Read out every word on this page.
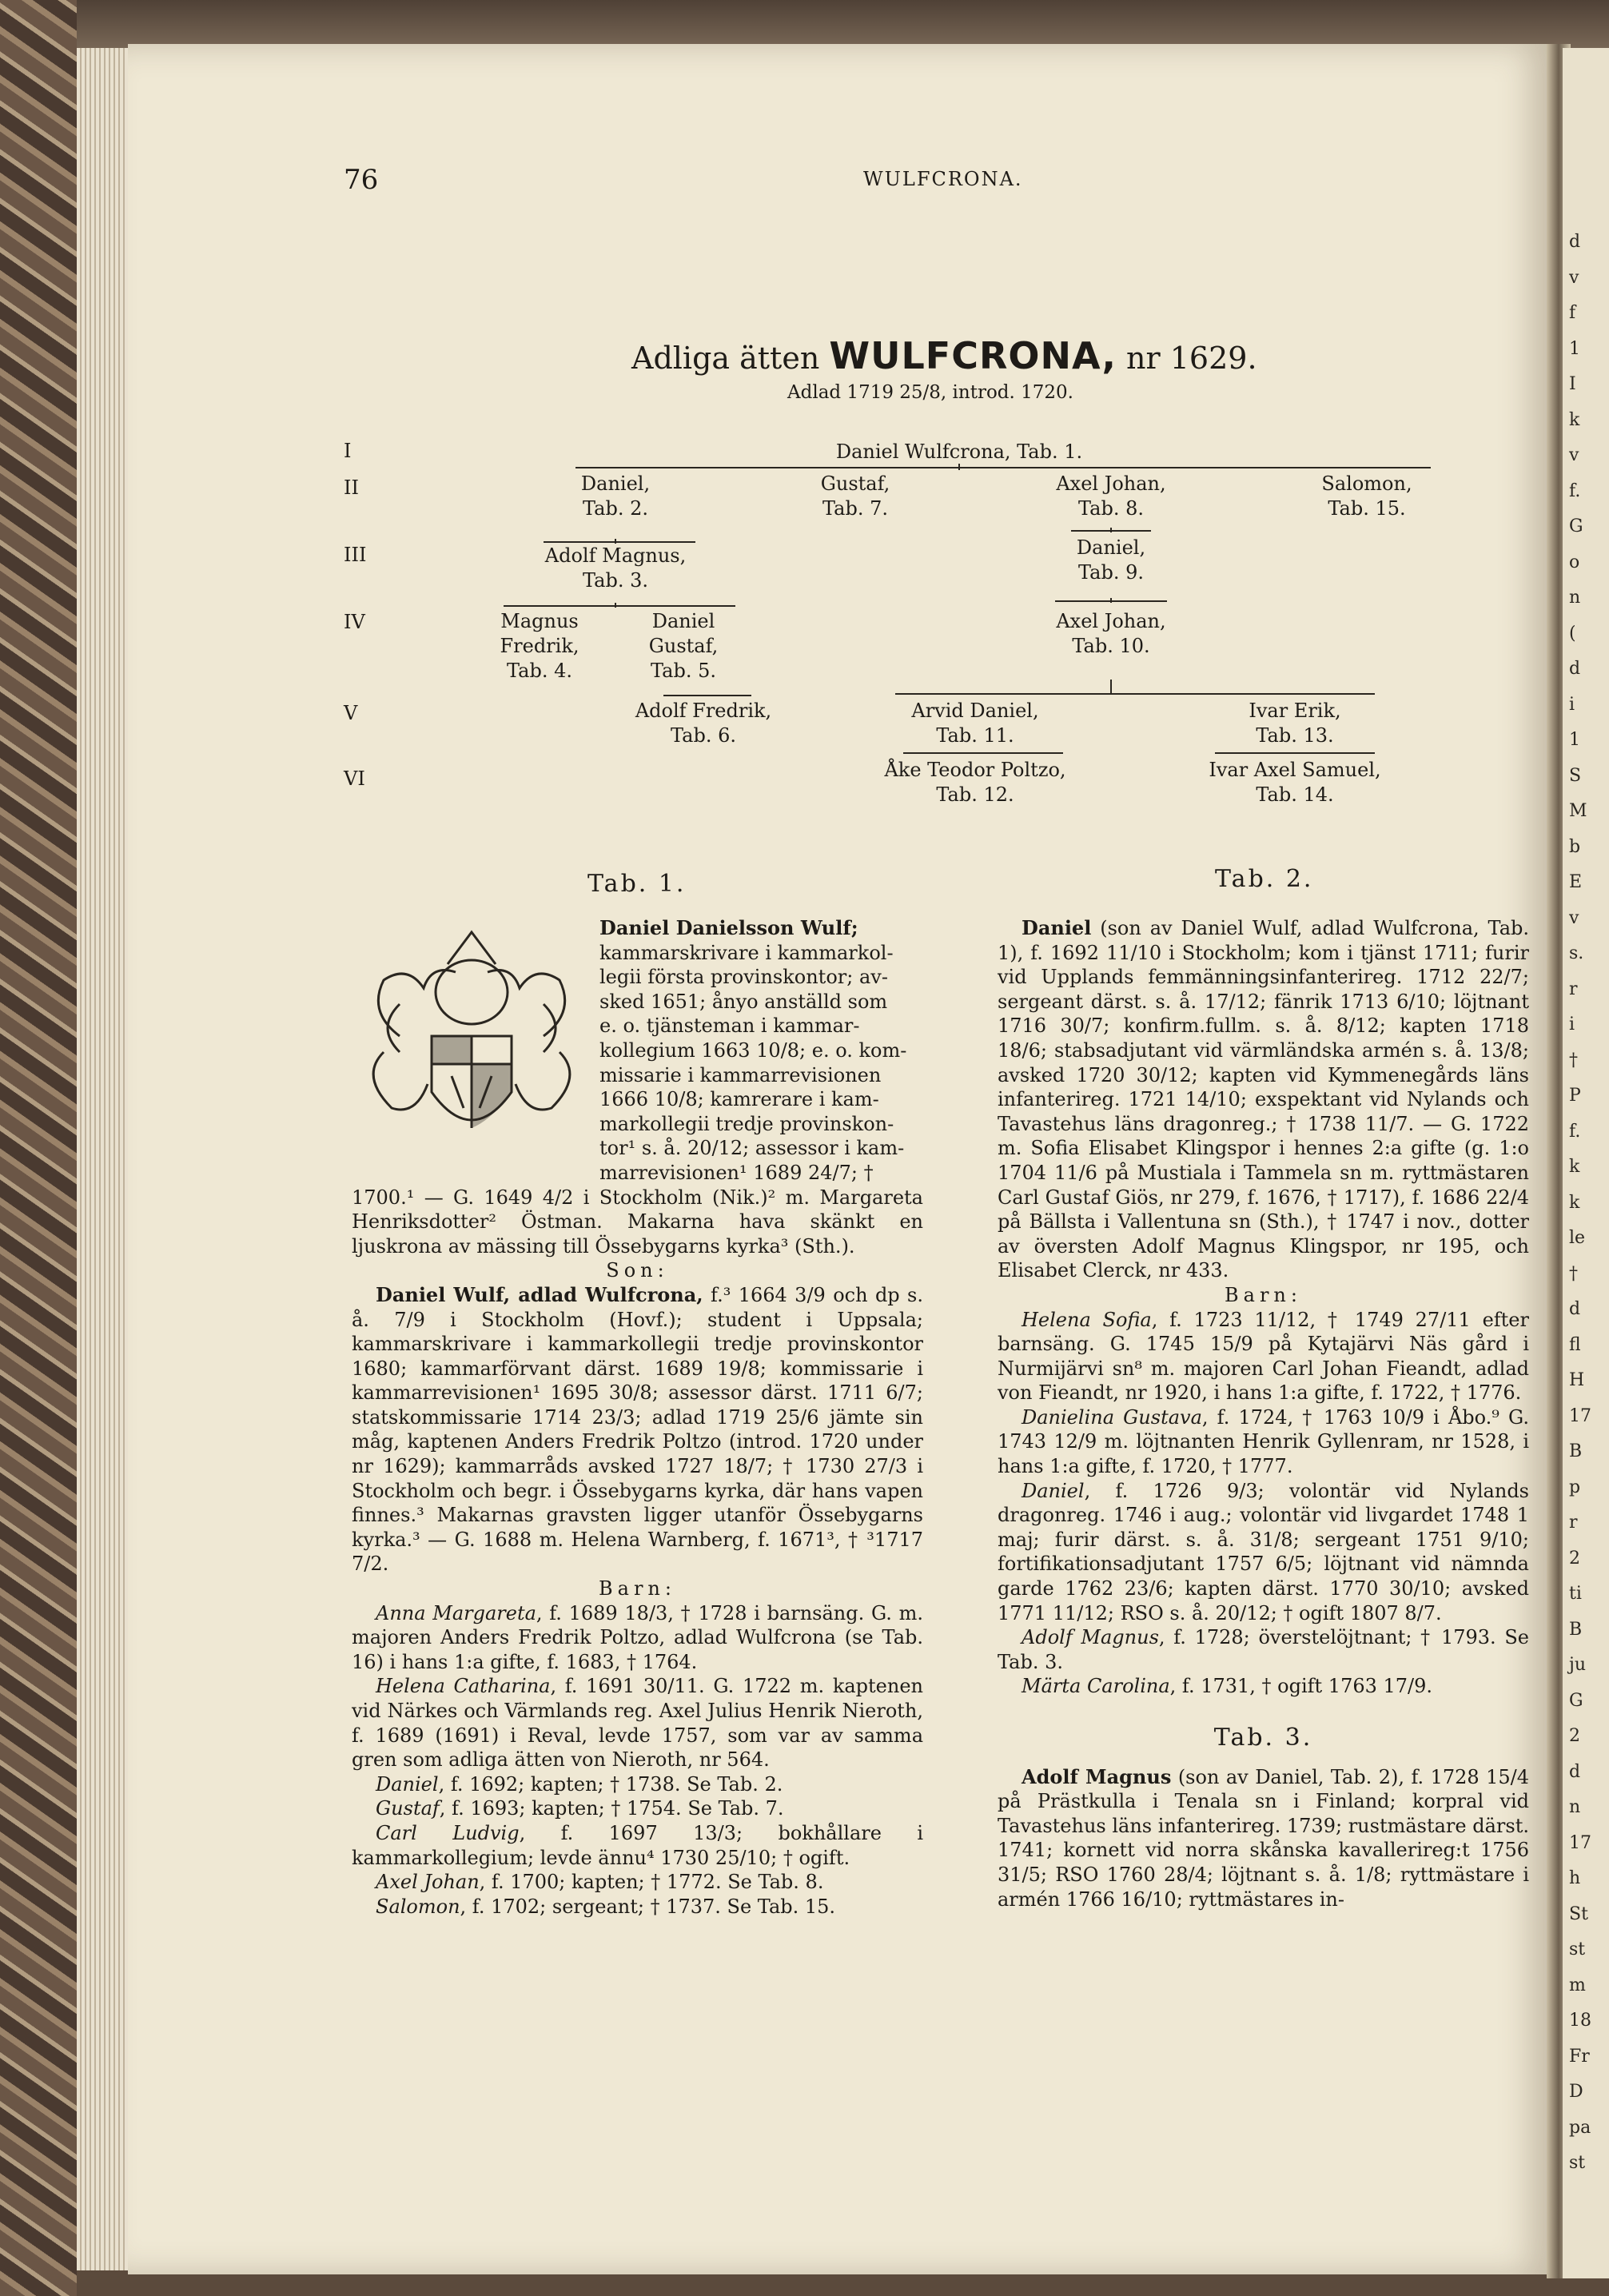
d
v
f
1
I
k
v
f.
G
o
n
(
d
i
1
S
M
b
E
v
s.
r
i
†
P
f.
k
k
le
†
d
fl
H
17
B
p
r
2
ti
B
ju
G
2
d
n
17
h
St
st
m
18
Fr
D
pa
st
76	WULFCRONA.
Adliga ätten WULFCRONA, nr 1629.
Adlad 1719 25/8, introd. 1720.
I
II
III
IV
V
VI
Daniel Wulfcrona, Tab. 1.
Daniel,
Tab. 2.
Gustaf,
Tab. 7.
Axel Johan,
Tab. 8.
Salomon,
Tab. 15.
Adolf Magnus,
Tab. 3.
Daniel,
Tab. 9.
Magnus
Fredrik,
Tab. 4.
Daniel
Gustaf,
Tab. 5.
Axel Johan,
Tab. 10.
Adolf Fredrik,
Tab. 6.
Arvid Daniel,
Tab. 11.
Ivar Erik,
Tab. 13.
Åke Teodor Poltzo,
Tab. 12.
Ivar Axel Samuel,
Tab. 14.
Tab. 1.	Tab. 2.
Daniel Danielsson Wulf;
kammarskrivare i kammarkol-
legii första provinskontor; av-
sked 1651; ånyo anställd som
e. o. tjänsteman i kammar-
kollegium 1663 10/8; e. o. kom-
missarie i kammarrevisionen
1666 10/8; kamrerare i kam-
markollegii tredje provinskon-
tor¹ s. å. 20/12; assessor i kam-
marrevisionen¹ 1689 24/7; †

1700.¹ — G. 1649 4/2 i Stockholm (Nik.)² m. Margareta Henriksdotter² Östman. Makarna hava skänkt en ljuskrona av mässing till Össebygarns kyrka³ (Sth.).

Son:

Daniel Wulf, adlad Wulfcrona, f.³ 1664 3/9 och dp s. å. 7/9 i Stockholm (Hovf.); student i Uppsala; kammarskrivare i kammarkollegii tredje provinskontor 1680; kammarförvant därst. 1689 19/8; kommissarie i kammarrevisionen¹ 1695 30/8; assessor därst. 1711 6/7; statskommissarie 1714 23/3; adlad 1719 25/6 jämte sin måg, kaptenen Anders Fredrik Poltzo (introd. 1720 under nr 1629); kammarråds avsked 1727 18/7; † 1730 27/3 i Stockholm och begr. i Össebygarns kyrka, där hans vapen finnes.³ Makarnas gravsten ligger utanför Össebygarns kyrka.³ — G. 1688 m. Helena Warnberg, f. 1671³, † ³1717 7/2.

Barn:

Anna Margareta, f. 1689 18/3, † 1728 i barnsäng. G. m. majoren Anders Fredrik Poltzo, adlad Wulfcrona (se Tab. 16) i hans 1:a gifte, f. 1683, † 1764.

Helena Catharina, f. 1691 30/11. G. 1722 m. kaptenen vid Närkes och Värmlands reg. Axel Julius Henrik Nieroth, f. 1689 (1691) i Reval, levde 1757, som var av samma gren som adliga ätten von Nieroth, nr 564.

Daniel, f. 1692; kapten; † 1738. Se Tab. 2.

Gustaf, f. 1693; kapten; † 1754. Se Tab. 7.

Carl Ludvig, f. 1697 13/3; bokhållare i kammarkollegium; levde ännu⁴ 1730 25/10; † ogift.

Axel Johan, f. 1700; kapten; † 1772. Se Tab. 8.

Salomon, f. 1702; sergeant; † 1737. Se Tab. 15.

Daniel (son av Daniel Wulf, adlad Wulfcrona, Tab. 1), f. 1692 11/10 i Stockholm; kom i tjänst 1711; furir vid Upplands femmänningsinfanterireg. 1712 22/7; sergeant därst. s. å. 17/12; fänrik 1713 6/10; löjtnant 1716 30/7; konfirm.fullm. s. å. 8/12; kapten 1718 18/6; stabsadjutant vid värmländska armén s. å. 13/8; avsked 1720 30/12; kapten vid Kymmenegårds läns infanterireg. 1721 14/10; exspektant vid Nylands och Tavastehus läns dragonreg.; † 1738 11/7. — G. 1722 m. Sofia Elisabet Klingspor i hennes 2:a gifte (g. 1:o 1704 11/6 på Mustiala i Tammela sn m. ryttmästaren Carl Gustaf Giös, nr 279, f. 1676, † 1717), f. 1686 22/4 på Bällsta i Vallentuna sn (Sth.), † 1747 i nov., dotter av översten Adolf Magnus Klingspor, nr 195, och Elisabet Clerck, nr 433.

Barn:

Helena Sofia, f. 1723 11/12, † 1749 27/11 efter barnsäng. G. 1745 15/9 på Kytajärvi Näs gård i Nurmijärvi sn⁸ m. majoren Carl Johan Fieandt, adlad von Fieandt, nr 1920, i hans 1:a gifte, f. 1722, † 1776.

Danielina Gustava, f. 1724, † 1763 10/9 i Åbo.⁹ G. 1743 12/9 m. löjtnanten Henrik Gyllenram, nr 1528, i hans 1:a gifte, f. 1720, † 1777.

Daniel, f. 1726 9/3; volontär vid Nylands dragonreg. 1746 i aug.; volontär vid livgardet 1748 1 maj; furir därst. s. å. 31/8; sergeant 1751 9/10; fortifikationsadjutant 1757 6/5; löjtnant vid nämnda garde 1762 23/6; kapten därst. 1770 30/10; avsked 1771 11/12; RSO s. å. 20/12; † ogift 1807 8/7.

Adolf Magnus, f. 1728; överstelöjtnant; † 1793. Se Tab. 3.

Märta Carolina, f. 1731, † ogift 1763 17/9.

Tab. 3.

Adolf Magnus (son av Daniel, Tab. 2), f. 1728 15/4 på Prästkulla i Tenala sn i Finland; korpral vid Tavastehus läns infanterireg. 1739; rustmästare därst. 1741; kornett vid norra skånska kavallerireg:t 1756 31/5; RSO 1760 28/4; löjtnant s. å. 1/8; ryttmästare i armén 1766 16/10; ryttmästares in-
